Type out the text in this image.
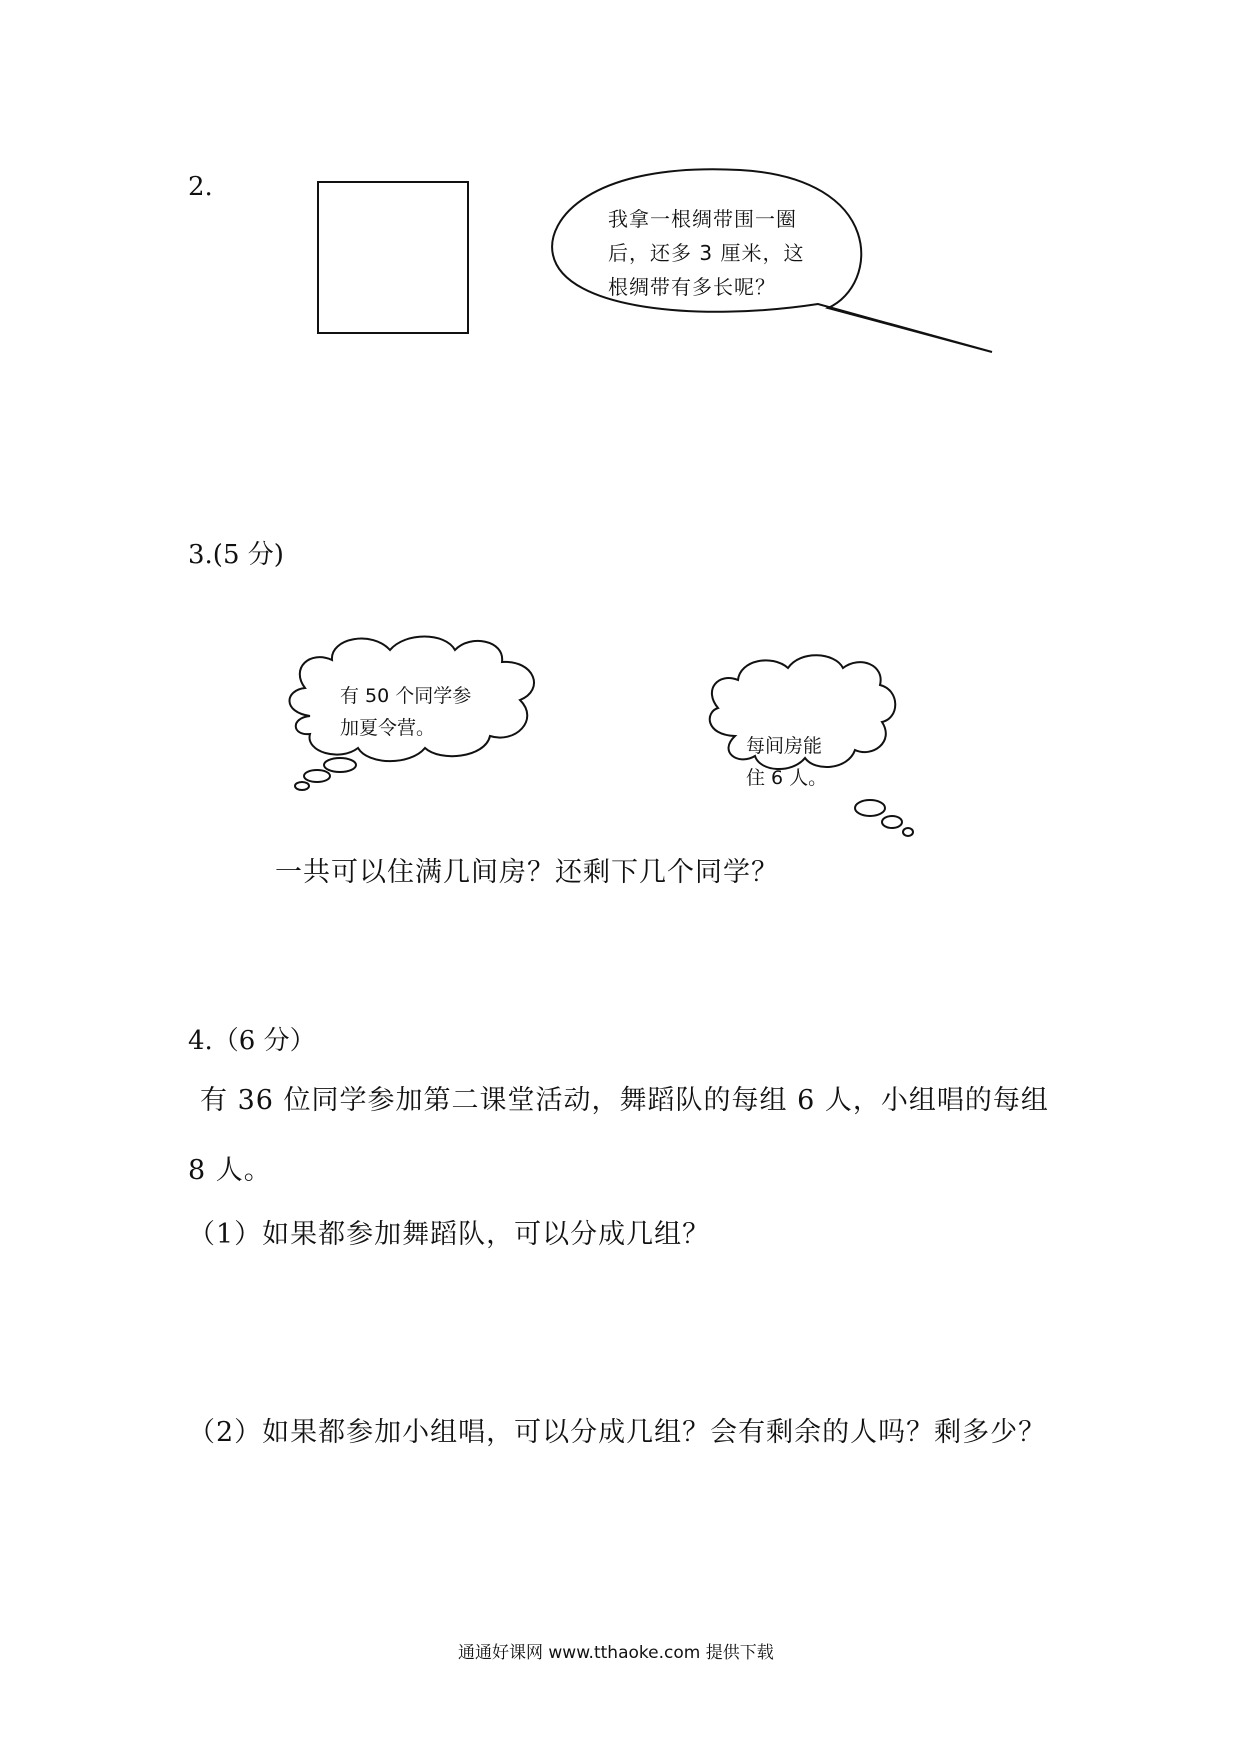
2.
我拿一根绸带围一圈
后，还多 3 厘米，这
根绸带有多长呢？
3.(5 分)
有 50 个同学参
加夏令营。
每间房能
住 6 人。
一共可以住满几间房？还剩下几个同学？
4.（6 分）
有 36 位同学参加第二课堂活动，舞蹈队的每组 6 人，小组唱的每组
8 人。
（1）如果都参加舞蹈队，可以分成几组？
（2）如果都参加小组唱，可以分成几组？会有剩余的人吗？剩多少？
通通好课网 www.tthaoke.com 提供下载
